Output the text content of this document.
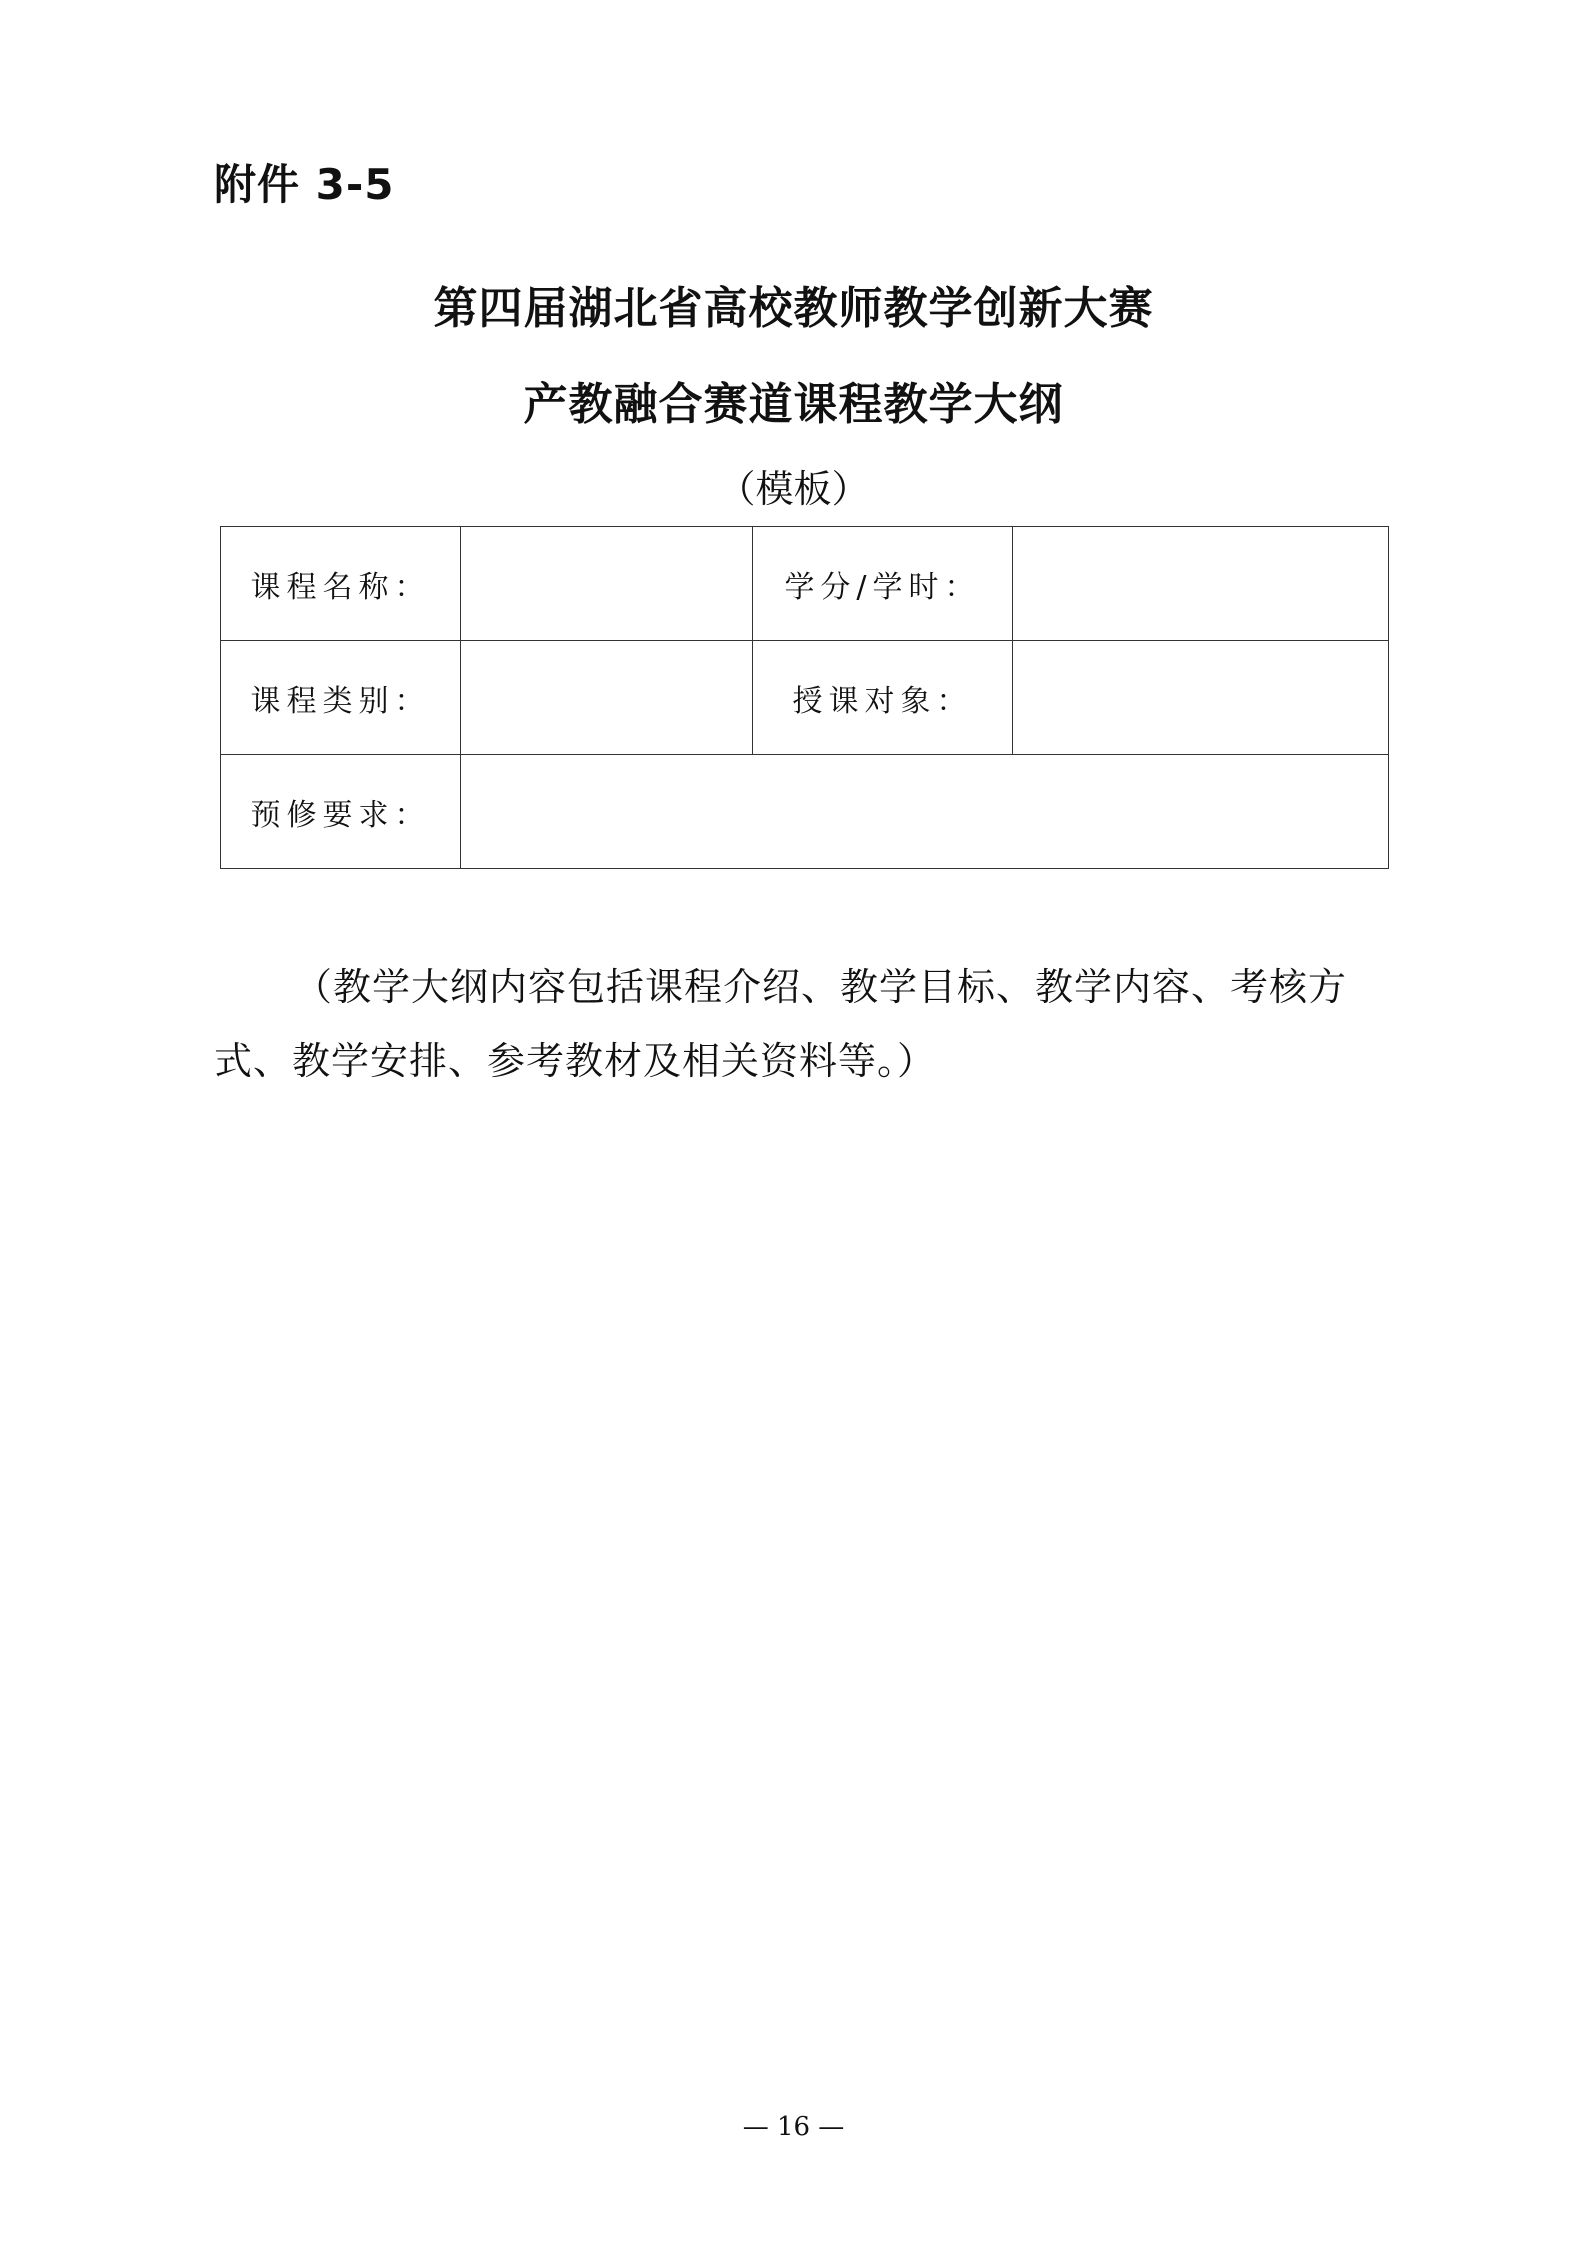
附件 3-5
第四届湖北省高校教师教学创新大赛
产教融合赛道课程教学大纲
（模板）
课程名称：		学分/学时：	
课程类别：		授课对象：	
预修要求：			
（教学大纲内容包括课程介绍、教学目标、教学内容、考核方式、教学安排、参考教材及相关资料等。）
— 16 —
